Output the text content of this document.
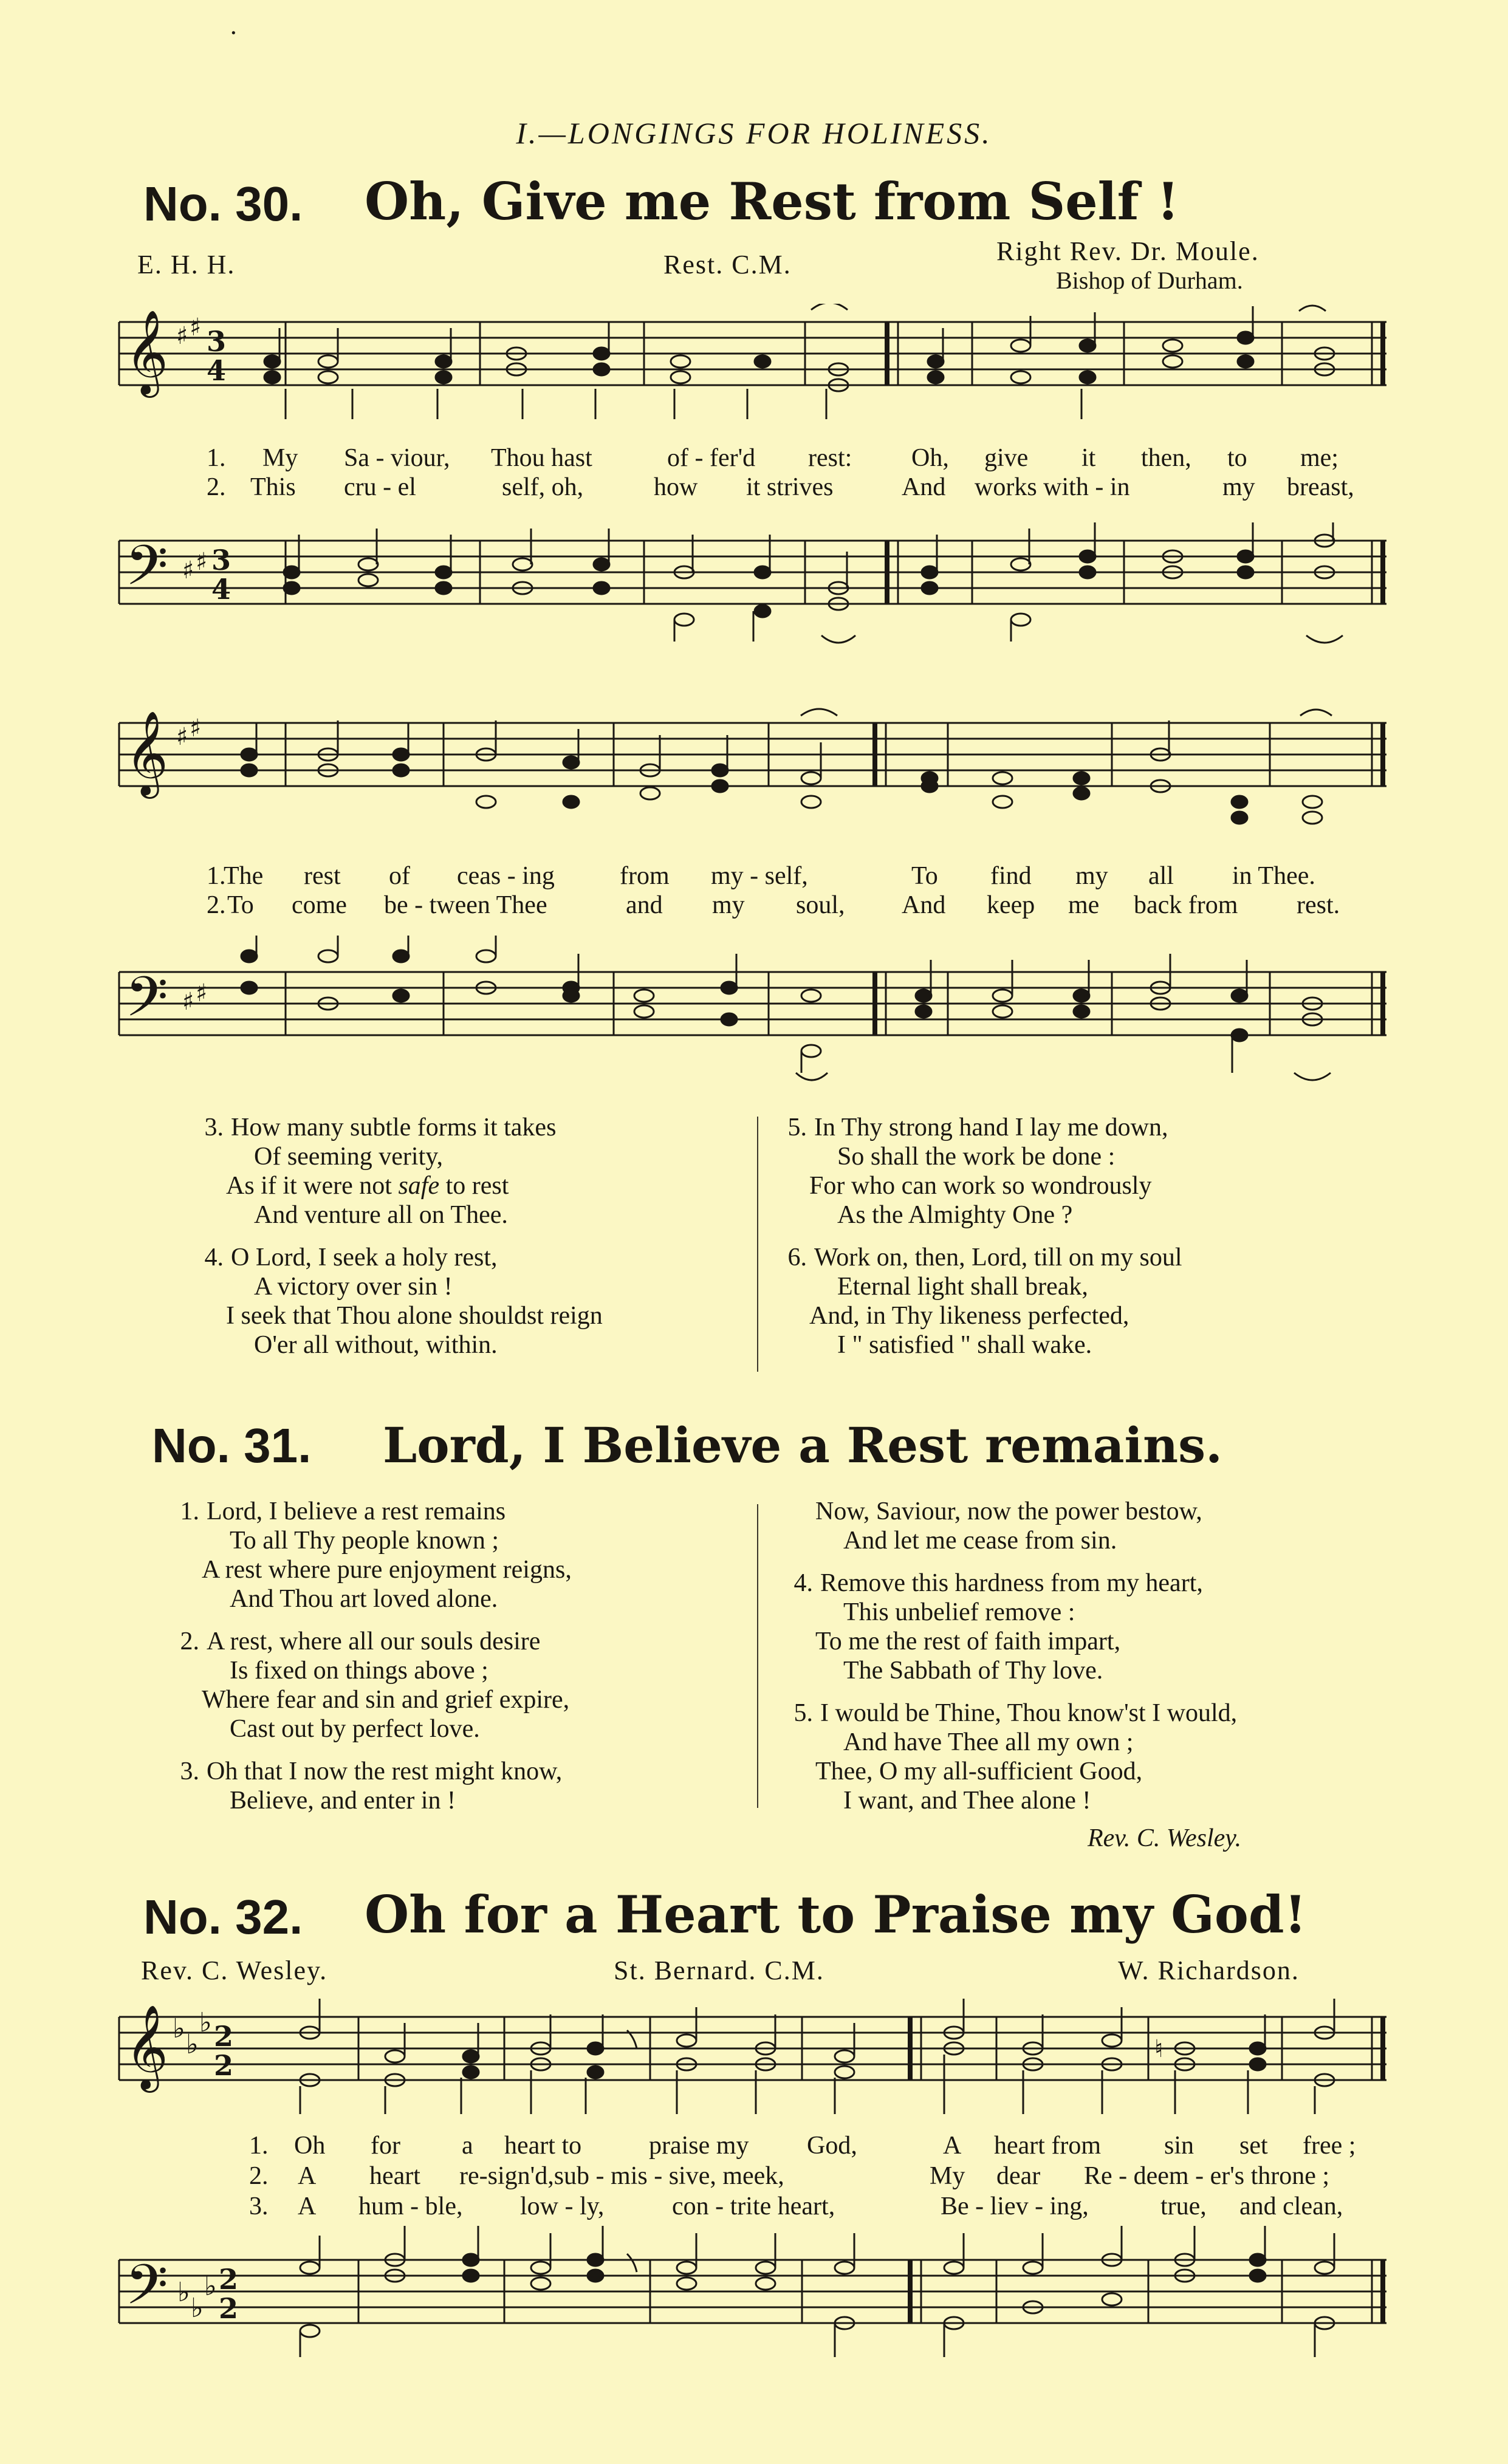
·
I.—LONGINGS FOR HOLINESS.
No. 30. Oh, Give me Rest from Self !
E. H. H.	Rest. C.M.	Right Rev. Dr. Moule.
Bishop of Durham.
𝄞 ♯ ♯ 3
4
1. My Sa - viour, Thou hast	of - fer'd rest: Oh, give it then, to me;
2. This cru - el	self, oh,	how it strives	And works with - in	my breast,
𝄢 ♯ ♯ 3
4
𝄞 ♯ ♯
1.
The rest of ceas - ing	from my - self,	To find my all in Thee.
2. To come be - tween Thee	and my soul, And keep me back from rest.
𝄢 ♯ ♯

3. How many subtle forms it takes

Of seeming verity,

As if it were not safe to rest

And venture all on Thee.

4. O Lord, I seek a holy rest,

A victory over sin !

I seek that Thou alone shouldst reign

O'er all without, within.

5. In Thy strong hand I lay me down,

So shall the work be done :

For who can work so wondrously

As the Almighty One ?

6. Work on, then, Lord, till on my soul

Eternal light shall break,

And, in Thy likeness perfected,

I " satisfied " shall wake.

No. 31. Lord, I Believe a Rest remains.

1. Lord, I believe a rest remains

To all Thy people known ;

A rest where pure enjoyment reigns,

And Thou art loved alone.

2. A rest, where all our souls desire

Is fixed on things above ;

Where fear and sin and grief expire,

Cast out by perfect love.

3. Oh that I now the rest might know,

Believe, and enter in !

Now, Saviour, now the power bestow,

And let me cease from sin.

4. Remove this hardness from my heart,

This unbelief remove :

To me the rest of faith impart,

The Sabbath of Thy love.

5. I would be Thine, Thou know'st I would,

And have Thee all my own ;

Thee, O my all-sufficient Good,

I want, and Thee alone !

Rev. C. Wesley.
No. 32. Oh for a Heart to Praise my God!
Rev. C. Wesley.	St. Bernard. C.M.	W. Richardson.
𝄞 ♭
♭
♭ 2
2	♮
1. Oh for a heart to	praise my God,	A heart from sin set free ;
2. A heart re-sign'd,sub - mis - sive, meek,	My dear Re - deem - er's throne ;
3. A hum - ble, low - ly,	con - trite heart,	Be - liev - ing,	true, and clean,
𝄢 ♭
♭
♭ 2
2
